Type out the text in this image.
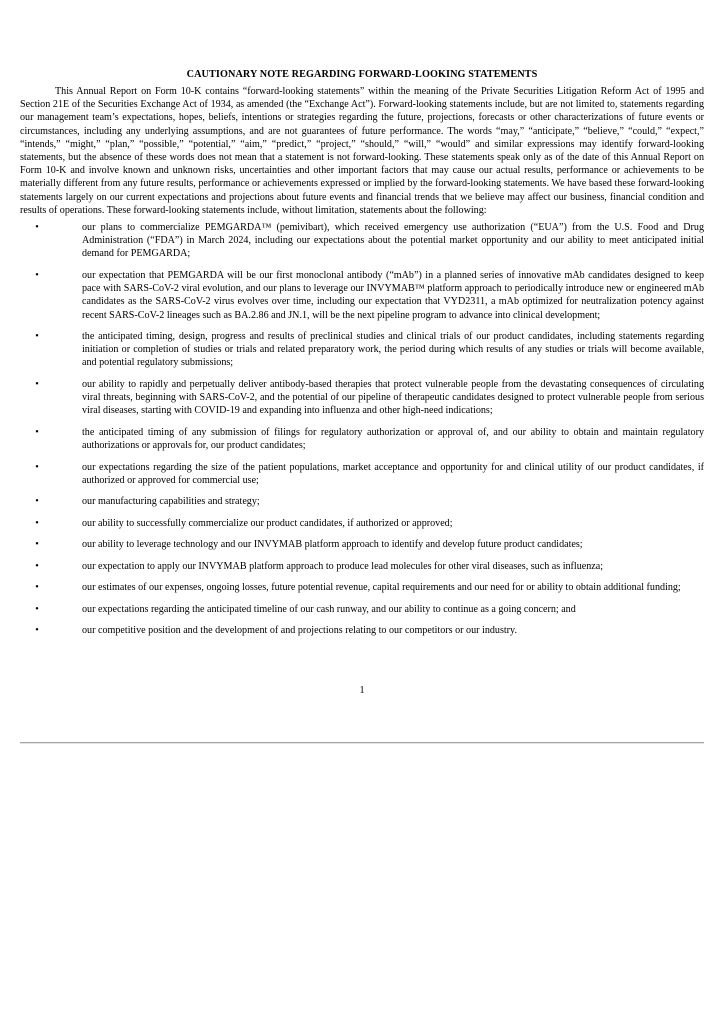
CAUTIONARY NOTE REGARDING FORWARD-LOOKING STATEMENTS

This Annual Report on Form 10-K contains “forward-looking statements” within the meaning of the Private Securities Litigation Reform Act of 1995 and Section 21E of the Securities Exchange Act of 1934, as amended (the “Exchange Act”). Forward-looking statements include, but are not limited to, statements regarding our management team’s expectations, hopes, beliefs, intentions or strategies regarding the future, projections, forecasts or other characterizations of future events or circumstances, including any underlying assumptions, and are not guarantees of future performance. The words “may,” “anticipate,” “believe,” “could,” “expect,” “intends,” “might,” “plan,” “possible,” “potential,” “aim,” “predict,” “project,” “should,” “will,” “would” and similar expressions may identify forward-looking statements, but the absence of these words does not mean that a statement is not forward-looking. These statements speak only as of the date of this Annual Report on Form 10-K and involve known and unknown risks, uncertainties and other important factors that may cause our actual results, performance or achievements to be materially different from any future results, performance or achievements expressed or implied by the forward-looking statements. We have based these forward-looking statements largely on our current expectations and projections about future events and financial trends that we believe may affect our business, financial condition and results of operations. These forward-looking statements include, without limitation, statements about the following:

•	our plans to commercialize PEMGARDA™ (pemivibart), which received emergency use authorization (“EUA”) from the U.S. Food and Drug Administration (“FDA”) in March 2024, including our expectations about the potential market opportunity and our ability to meet anticipated initial demand for PEMGARDA;
•	our expectation that PEMGARDA will be our first monoclonal antibody (“mAb”) in a planned series of innovative mAb candidates designed to keep pace with SARS-CoV-2 viral evolution, and our plans to leverage our INVYMAB™ platform approach to periodically introduce new or engineered mAb candidates as the SARS-CoV-2 virus evolves over time, including our expectation that VYD2311, a mAb optimized for neutralization potency against recent SARS-CoV-2 lineages such as BA.2.86 and JN.1, will be the next pipeline program to advance into clinical development;
•	the anticipated timing, design, progress and results of preclinical studies and clinical trials of our product candidates, including statements regarding initiation or completion of studies or trials and related preparatory work, the period during which results of any studies or trials will become available, and potential regulatory submissions;
•	our ability to rapidly and perpetually deliver antibody-based therapies that protect vulnerable people from the devastating consequences of circulating viral threats, beginning with SARS-CoV-2, and the potential of our pipeline of therapeutic candidates designed to protect vulnerable people from serious viral diseases, starting with COVID-19 and expanding into influenza and other high-need indications;
•	the anticipated timing of any submission of filings for regulatory authorization or approval of, and our ability to obtain and maintain regulatory authorizations or approvals for, our product candidates;
•	our expectations regarding the size of the patient populations, market acceptance and opportunity for and clinical utility of our product candidates, if authorized or approved for commercial use;
•	our manufacturing capabilities and strategy;
•	our ability to successfully commercialize our product candidates, if authorized or approved;
•	our ability to leverage technology and our INVYMAB platform approach to identify and develop future product candidates;
•	our expectation to apply our INVYMAB platform approach to produce lead molecules for other viral diseases, such as influenza;
•	our estimates of our expenses, ongoing losses, future potential revenue, capital requirements and our need for or ability to obtain additional funding;
•	our expectations regarding the anticipated timeline of our cash runway, and our ability to continue as a going concern; and
•	our competitive position and the development of and projections relating to our competitors or our industry.
1
